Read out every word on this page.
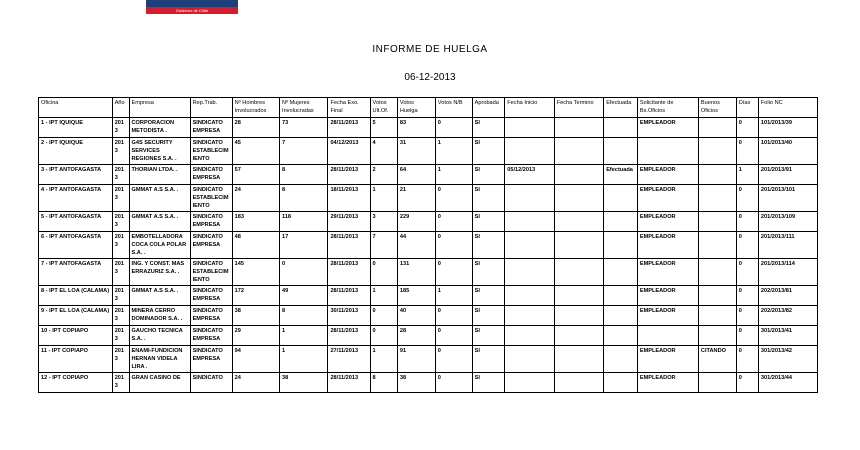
Gobierno de Chile
INFORME DE HUELGA
06-12-2013
Oficina	Año	Empresa	Rep.Trab.	Nº Hombres Involucrados	Nº Mujeres Involucradas	Fecha Exo. Final	Votos Ult.Of.	Votos Huelga	Votos N/B	Aprobada	Fecha Inicio	Fecha Termino	Efectuada	Solicitante de Bs.Oficios	Buenos Oficios	Días	Folio NC
1 - IPT IQUIQUE	2013	CORPORACION METODISTA .	SINDICATO EMPRESA	28	73	28/11/2013	5	83	0	SI				EMPLEADOR		0	101/2013/39
2 - IPT IQUIQUE	2013	G4S SECURITY SERVICES REGIONES S.A. .	SINDICATO ESTABLECIMIENTO	45	7	04/12/2013	4	31	1	SI						0	101/2013/40
3 - IPT ANTOFAGASTA	2013	THORIAN LTDA. .	SINDICATO EMPRESA	57	8	28/11/2013	2	64	1	SI	05/12/2013		Efectuada	EMPLEADOR		1	201/2013/91
4 - IPT ANTOFAGASTA	2013	GMMAT A.S S.A. .	SINDICATO ESTABLECIMIENTO	24	8	18/11/2013	1	21	0	SI				EMPLEADOR		0	201/2013/101
5 - IPT ANTOFAGASTA	2013	GMMAT A.S S.A. .	SINDICATO EMPRESA	183	118	29/11/2013	3	229	0	SI				EMPLEADOR		0	201/2013/109
6 - IPT ANTOFAGASTA	2013	EMBOTELLADORA COCA COLA POLAR S.A. .	SINDICATO EMPRESA	48	17	28/11/2013	7	44	0	SI				EMPLEADOR		0	201/2013/111
7 - IPT ANTOFAGASTA	2013	ING. Y CONST. MAS ERRAZURIZ S.A. .	SINDICATO ESTABLECIMIENTO	145	0	28/11/2013	0	131	0	SI				EMPLEADOR		0	201/2013/114
8 - IPT EL LOA (CALAMA)	2013	GMMAT A.S S.A. .	SINDICATO EMPRESA	172	49	28/11/2013	1	185	1	SI				EMPLEADOR		0	202/2013/81
9 - IPT EL LOA (CALAMA)	2013	MINERA CERRO DOMINADOR S.A. .	SINDICATO EMPRESA	38	8	30/11/2013	0	40	0	SI				EMPLEADOR		0	202/2013/82
10 - IPT COPIAPO	2013	GAUCHO TECNICA S.A. .	SINDICATO EMPRESA	29	1	28/11/2013	0	28	0	SI						0	301/2013/41
11 - IPT COPIAPO	2013	ENAMI-FUNDICION HERNAN VIDELA LIRA .	SINDICATO EMPRESA	94	1	27/11/2013	1	91	0	SI				EMPLEADOR	CITANDO	0	301/2013/42
12 - IPT COPIAPO	2013	GRAN CASINO DE	SINDICATO	24	38	28/11/2013	8	38	0	SI				EMPLEADOR		0	301/2013/44
